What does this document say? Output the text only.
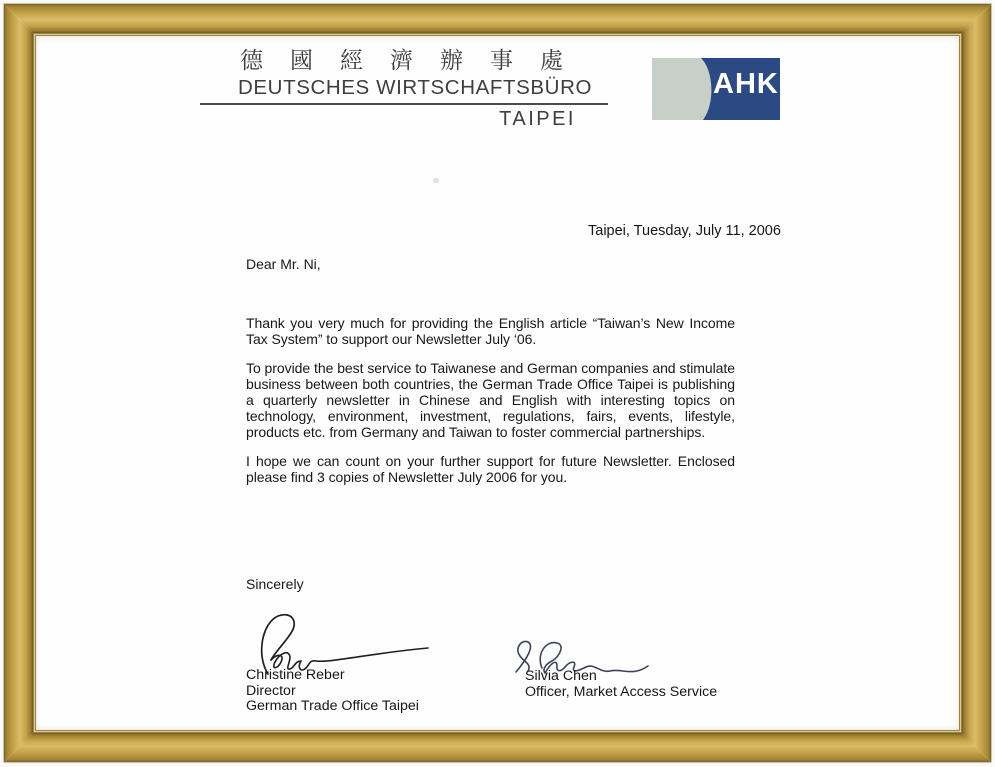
德國經濟辦事處
DEUTSCHES WIRTSCHAFTSBÜRO
TAIPEI
AHK
Taipei, Tuesday, July 11, 2006
Dear Mr. Ni,

Thank you very much for providing the English article “Taiwan’s New Income Tax System” to support our Newsletter July ‘06.

To provide the best service to Taiwanese and German companies and stimulate business between both countries, the German Trade Office Taipei is publishing a quarterly newsletter in Chinese and English with interesting topics on technology, environment, investment, regulations, fairs, events, lifestyle, products etc. from Germany and Taiwan to foster commercial partnerships.

I hope we can count on your further support for future Newsletter. Enclosed please find 3 copies of Newsletter July 2006 for you.

Sincerely
Christine Reber
Director
German Trade Office Taipei
Silvia Chen
Officer, Market Access Service
